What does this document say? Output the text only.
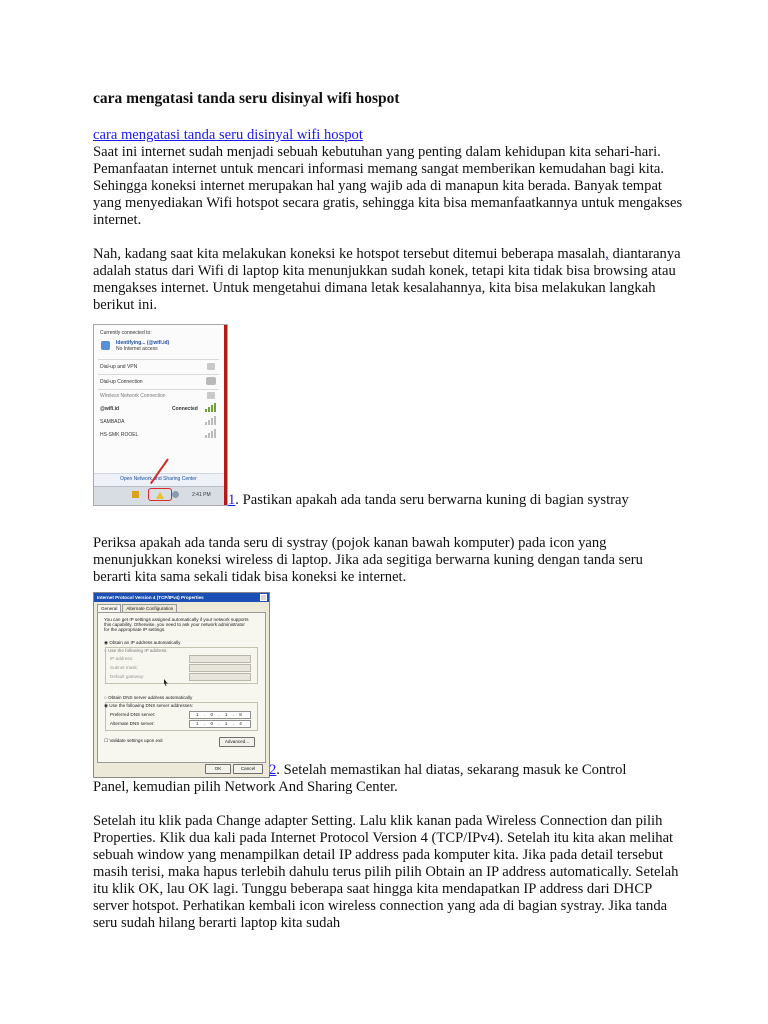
cara mengatasi tanda seru disinyal wifi hospot

cara mengatasi tanda seru disinyal wifi hospot

Saat ini internet sudah menjadi sebuah kebutuhan yang penting dalam kehidupan kita sehari-hari. Pemanfaatan internet untuk mencari informasi memang sangat memberikan kemudahan bagi kita. Sehingga koneksi internet merupakan hal yang wajib ada di manapun kita berada. Banyak tempat yang menyediakan Wifi hotspot secara gratis, sehingga kita bisa memanfaatkannya untuk mengakses internet.

Nah, kadang saat kita melakukan koneksi ke hotspot tersebut ditemui beberapa masalah, diantaranya adalah status dari Wifi di laptop kita menunjukkan sudah konek, tetapi kita tidak bisa browsing atau mengakses internet. Untuk mengetahui dimana letak kesalahannya, kita bisa melakukan langkah berikut ini.

Currently connected to:
Identifying... (@wifi.id)
No Internet access
Dial-up and VPN
Dial-up Connection
Wireless Network Connection
@wifi.id	Connected
SAMBADA
HS-SMK ROOEL
Open Network and Sharing Center
2:41 PM 1. Pastikan apakah ada tanda seru berwarna kuning di bagian systray

Periksa apakah ada tanda seru di systray (pojok kanan bawah komputer) pada icon yang menunjukkan koneksi wireless di laptop. Jika ada segitiga berwarna kuning dengan tanda seru berarti kita sama sekali tidak bisa koneksi ke internet.

Internet Protocol Version 4 (TCP/IPv4) Properties
General Alternate Configuration
You can get IP settings assigned automatically if your network supports
this capability. Otherwise, you need to ask your network administrator
for the appropriate IP settings.
◉ Obtain an IP address automatically
○ Use the following IP address:
IP address:
Subnet mask:
Default gateway:
○ Obtain DNS server address automatically
◉ Use the following DNS server addresses:
Preferred DNS server:	1 . 0 . 1 . 8
Alternate DNS server:	1 . 0 . 1 . 4
☐ Validate settings upon exit	Advanced...
OK	Cancel 2. Setelah memastikan hal diatas, sekarang masuk ke Control

Panel, kemudian pilih Network And Sharing Center.

Setelah itu klik pada Change adapter Setting. Lalu klik kanan pada Wireless Connection dan pilih Properties. Klik dua kali pada Internet Protocol Version 4 (TCP/IPv4). Setelah itu kita akan melihat sebuah window yang menampilkan detail IP address pada komputer kita. Jika pada detail tersebut masih terisi, maka hapus terlebih dahulu terus pilih pilih Obtain an IP address automatically. Setelah itu klik OK, lau OK lagi. Tunggu beberapa saat hingga kita mendapatkan IP address dari DHCP server hotspot. Perhatikan kembali icon wireless connection yang ada di bagian systray. Jika tanda seru sudah hilang berarti laptop kita sudah
